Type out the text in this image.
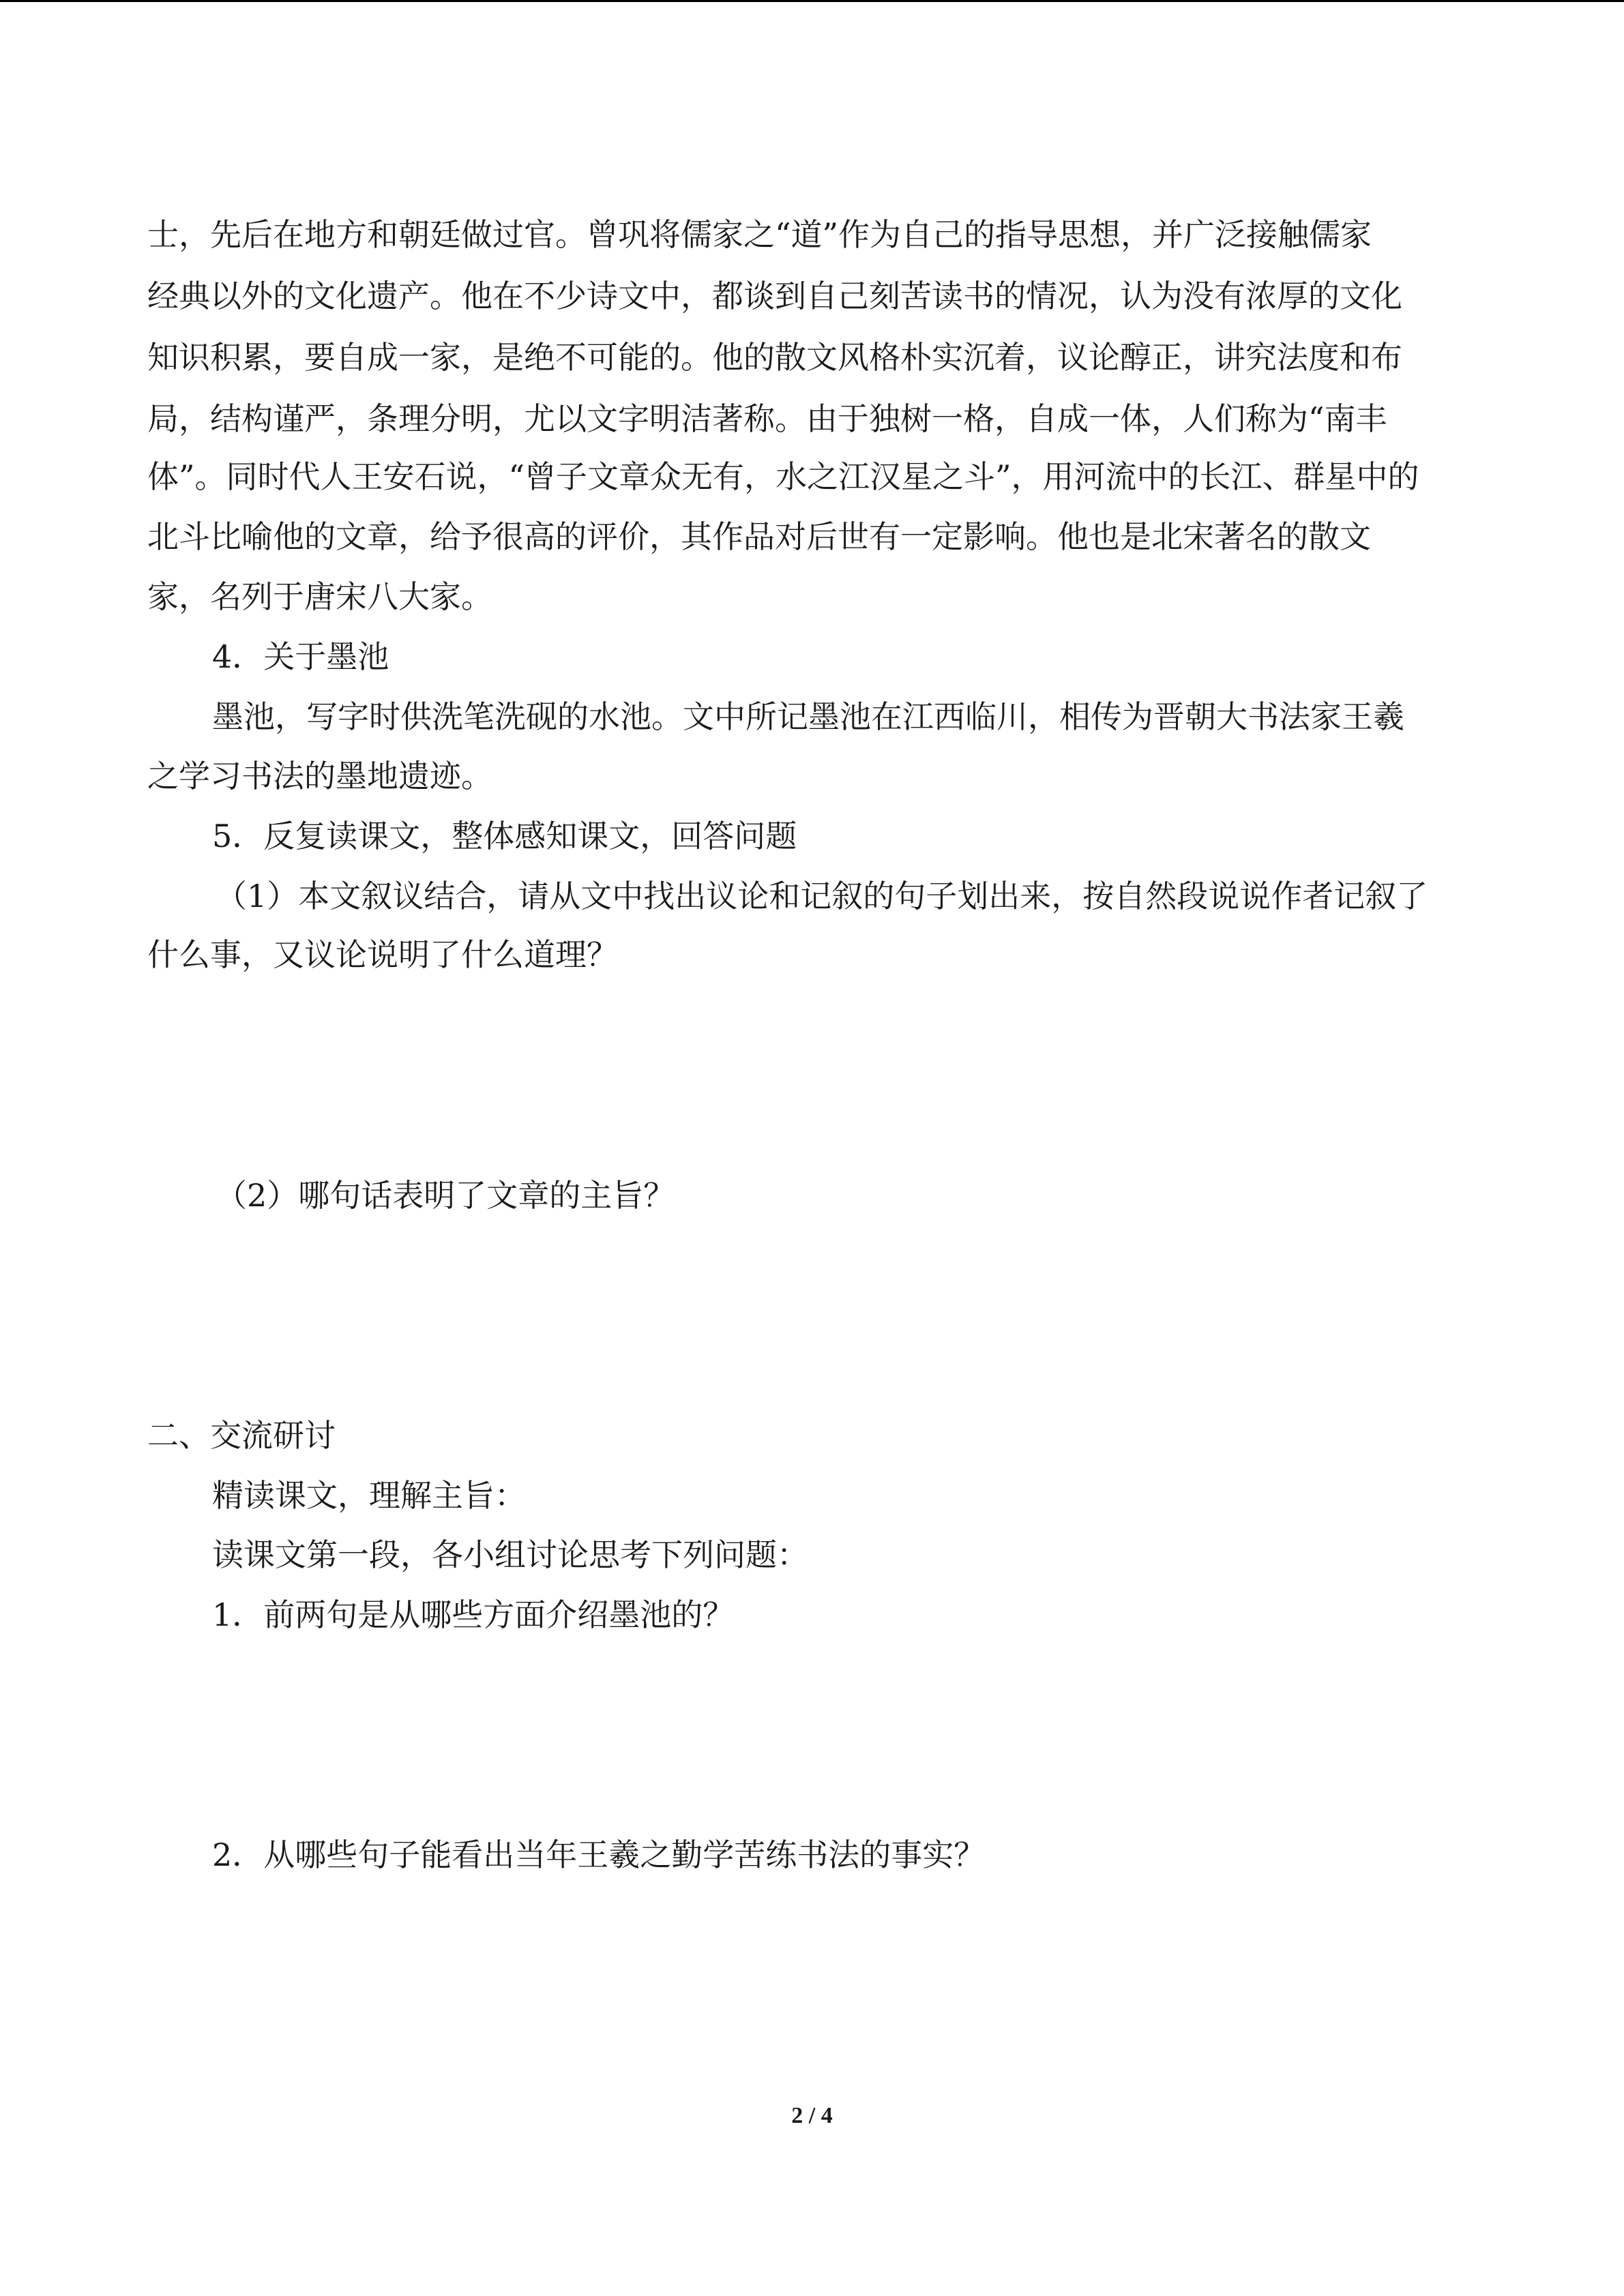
士，先后在地方和朝廷做过官。曾巩将儒家之“道”作为自己的指导思想，并广泛接触儒家
经典以外的文化遗产。他在不少诗文中，都谈到自己刻苦读书的情况，认为没有浓厚的文化
知识积累，要自成一家，是绝不可能的。他的散文风格朴实沉着，议论醇正，讲究法度和布
局，结构谨严，条理分明，尤以文字明洁著称。由于独树一格，自成一体，人们称为“南丰
体”。同时代人王安石说，“曾子文章众无有，水之江汉星之斗”，用河流中的长江、群星中的
北斗比喻他的文章，给予很高的评价，其作品对后世有一定影响。他也是北宋著名的散文
家，名列于唐宋八大家。
4．关于墨池
墨池，写字时供洗笔洗砚的水池。文中所记墨池在江西临川，相传为晋朝大书法家王羲
之学习书法的墨地遗迹。
5．反复读课文，整体感知课文，回答问题
（1）本文叙议结合，请从文中找出议论和记叙的句子划出来，按自然段说说作者记叙了
什么事，又议论说明了什么道理？
（2）哪句话表明了文章的主旨？
二、交流研讨
精读课文，理解主旨：
读课文第一段，各小组讨论思考下列问题：
1．前两句是从哪些方面介绍墨池的？
2．从哪些句子能看出当年王羲之勤学苦练书法的事实？
2 / 4
